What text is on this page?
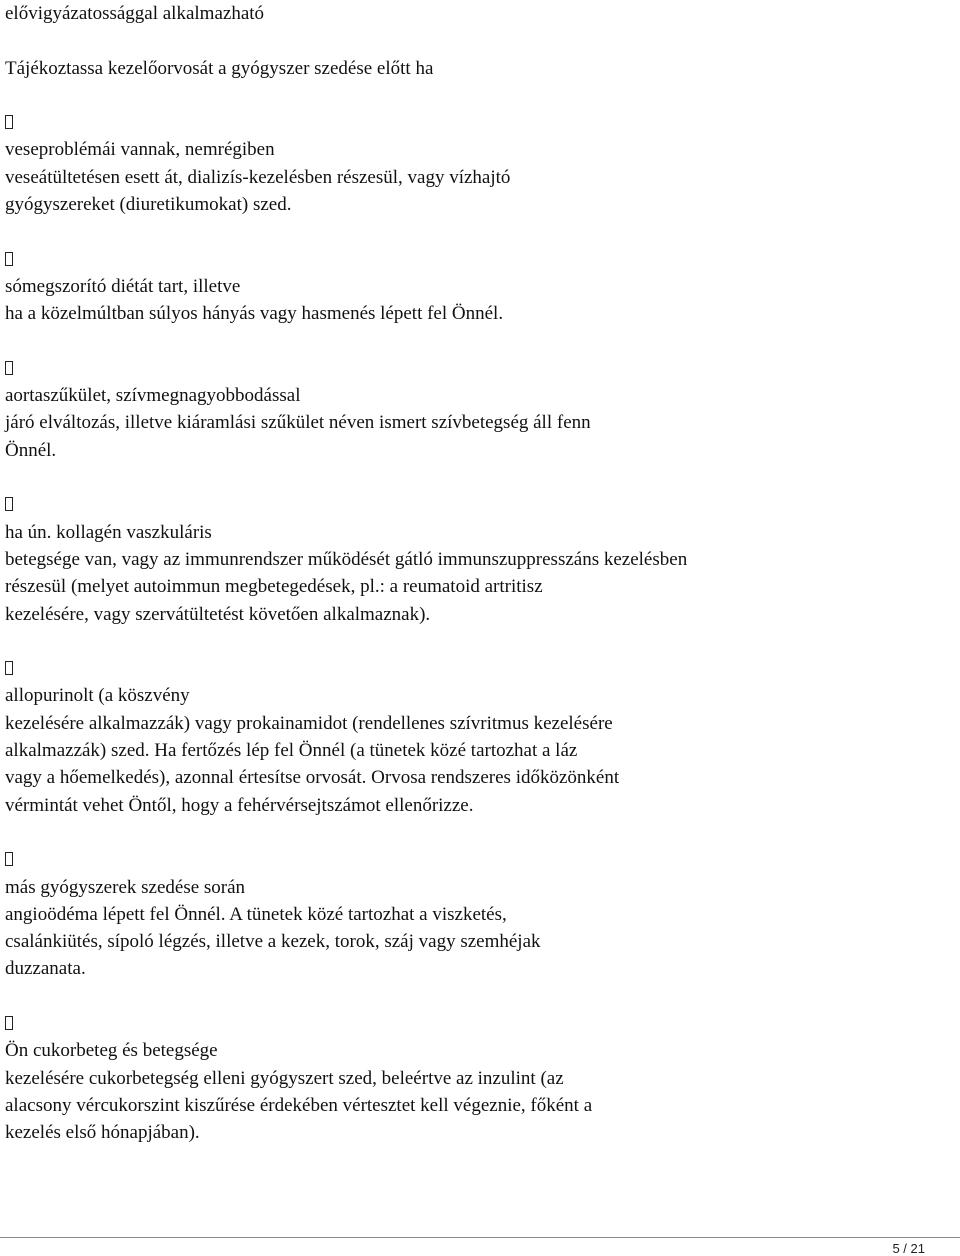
elővigyázatossággal alkalmazható

Tájékoztassa kezelőorvosát a gyógyszer szedése előtt ha

veseproblémái vannak, nemrégiben

veseátültetésen esett át, dializís-kezelésben részesül, vagy vízhajtó

gyógyszereket (diuretikumokat) szed.

sómegszorító diétát tart, illetve

ha a közelmúltban súlyos hányás vagy hasmenés lépett fel Önnél.

aortaszűkület, szívmegnagyobbodással

járó elváltozás, illetve kiáramlási szűkület néven ismert szívbetegség áll fenn

Önnél.

ha ún. kollagén vaszkuláris

betegsége van, vagy az immunrendszer működését gátló immunszuppresszáns kezelésben

részesül (melyet autoimmun megbetegedések, pl.: a reumatoid artritisz

kezelésére, vagy szervátültetést követően alkalmaznak).

allopurinolt (a köszvény

kezelésére alkalmazzák) vagy prokainamidot (rendellenes szívritmus kezelésére

alkalmazzák) szed. Ha fertőzés lép fel Önnél (a tünetek közé tartozhat a láz

vagy a hőemelkedés), azonnal értesítse orvosát. Orvosa rendszeres időközönként

vérmintát vehet Öntől, hogy a fehérvérsejtszámot ellenőrizze.

más gyógyszerek szedése során

angioödéma lépett fel Önnél. A tünetek közé tartozhat a viszketés,

csalánkiütés, sípoló légzés, illetve a kezek, torok, száj vagy szemhéjak

duzzanata.

Ön cukorbeteg és betegsége

kezelésére cukorbetegség elleni gyógyszert szed, beleértve az inzulint (az

alacsony vércukorszint kiszűrése érdekében vértesztet kell végeznie, főként a

kezelés első hónapjában).

5 / 21
